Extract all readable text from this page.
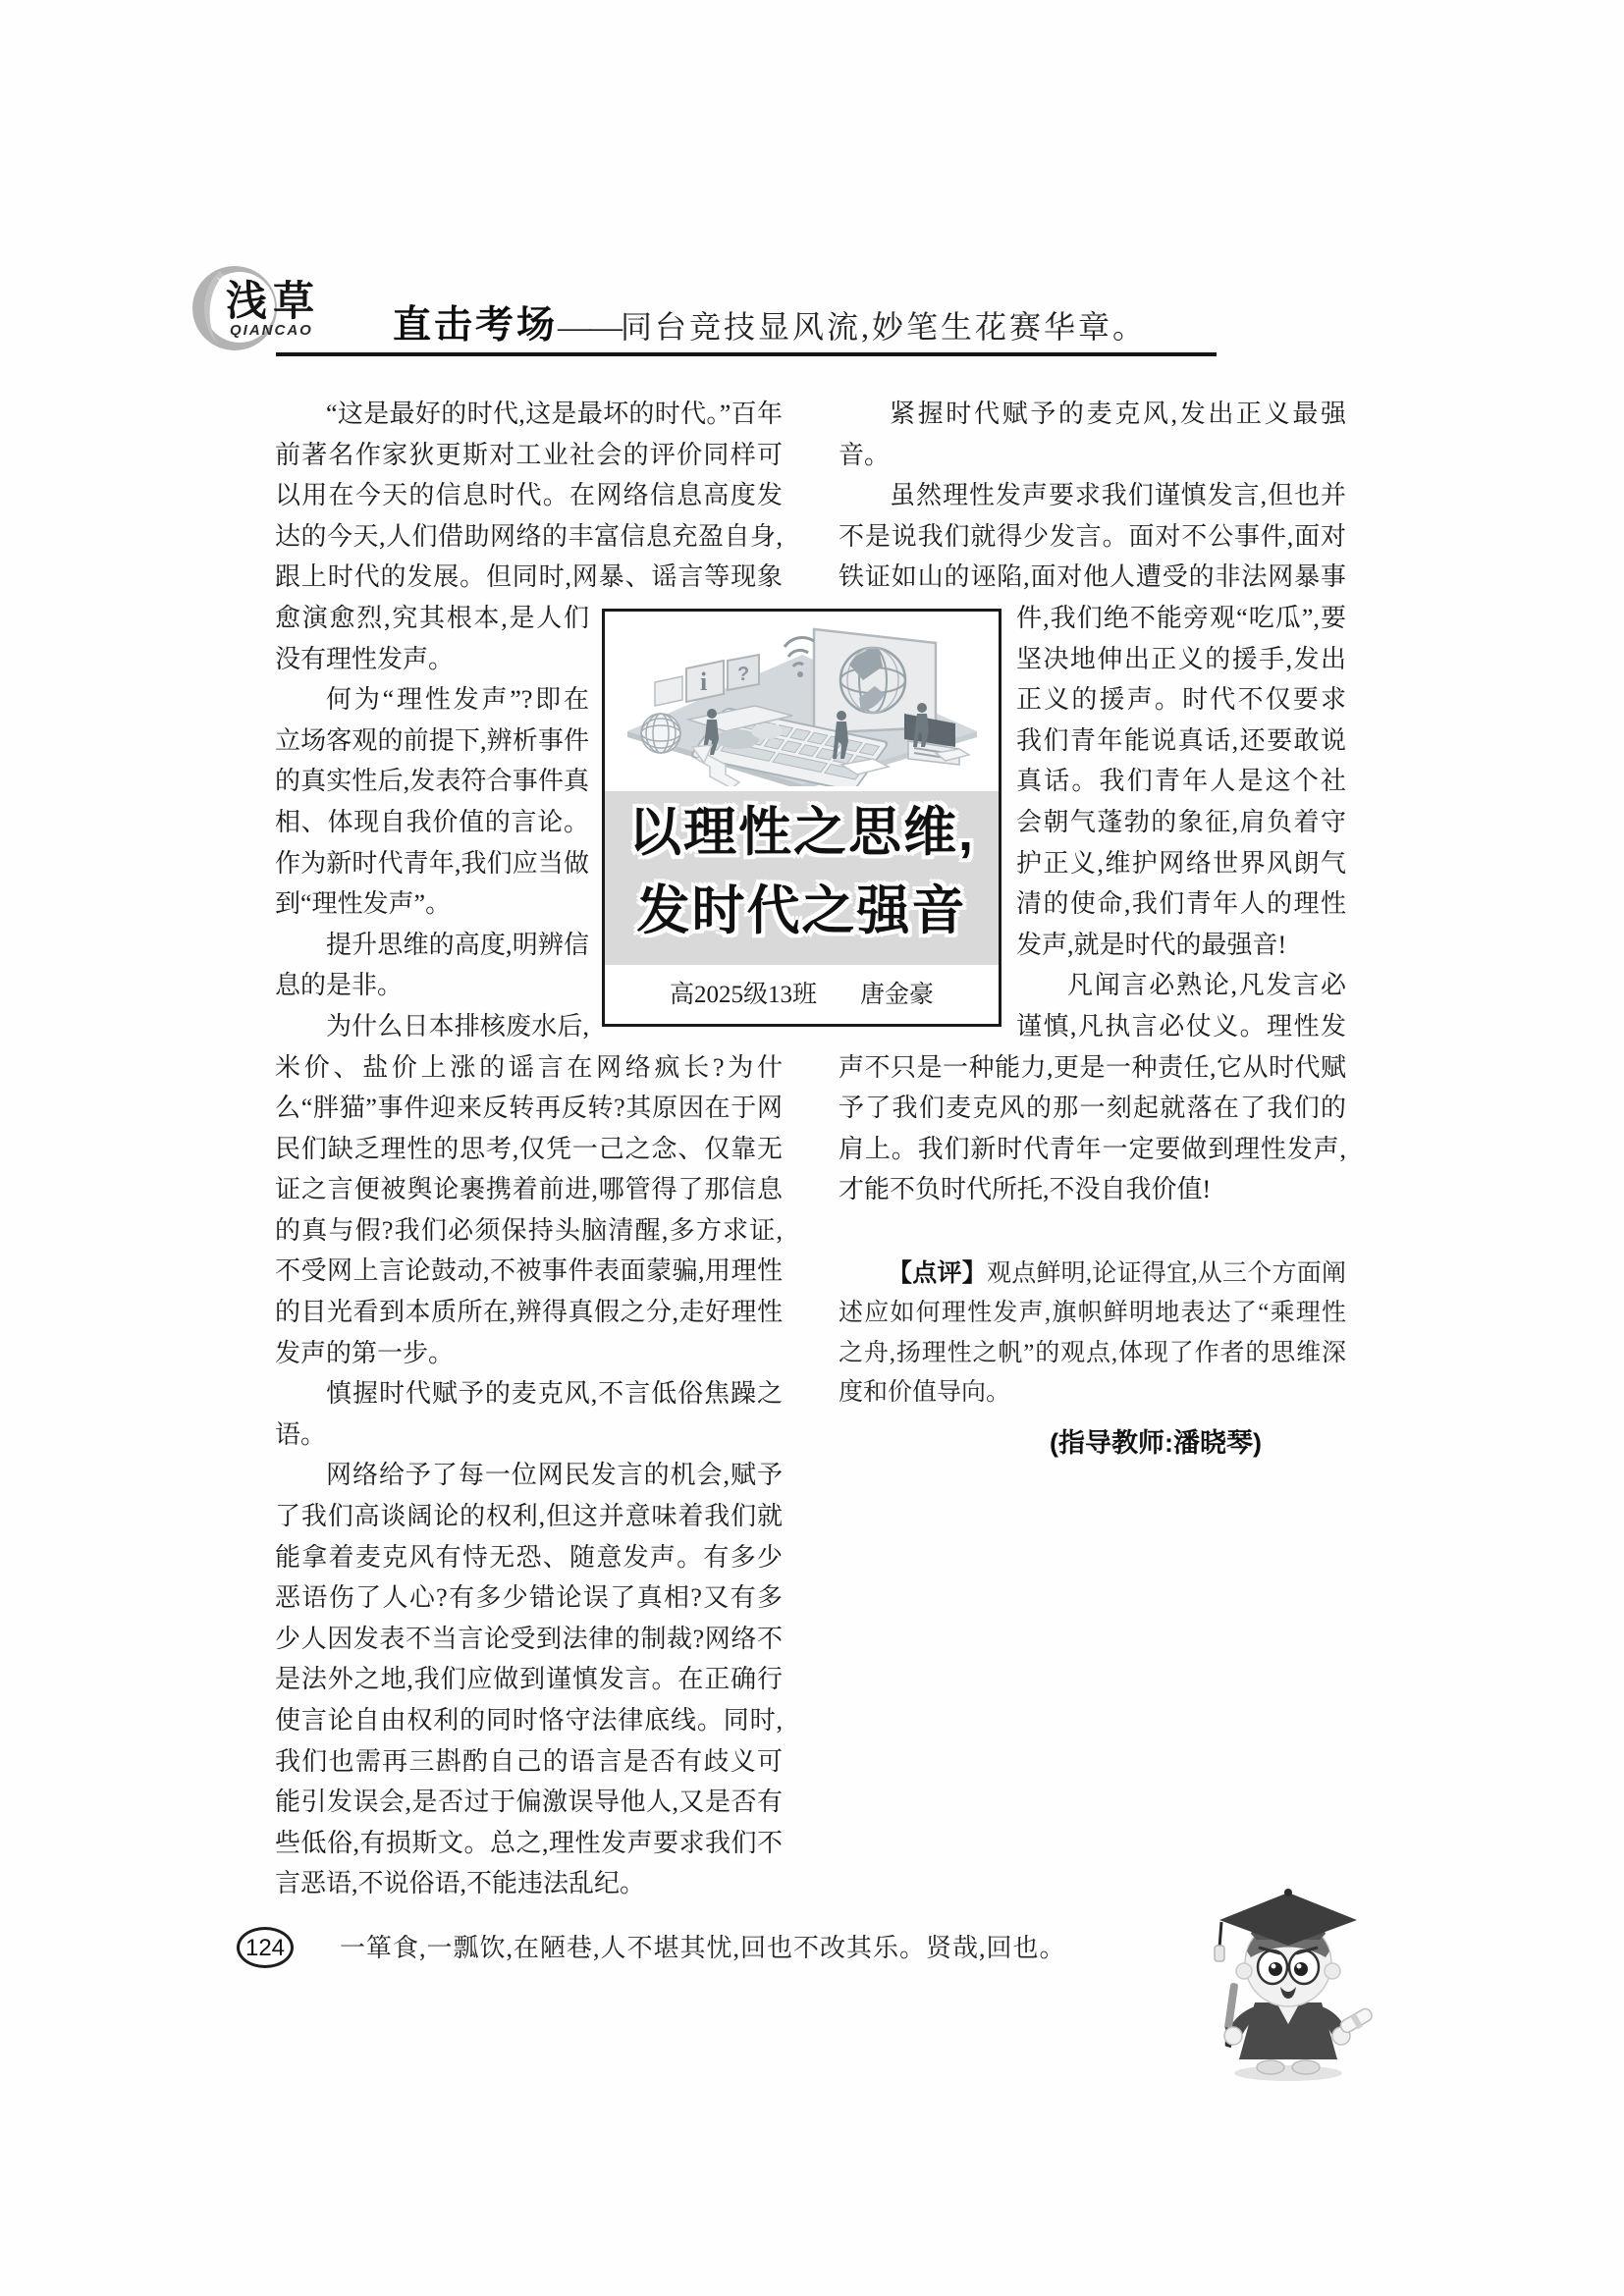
浅草
QIANCAO 直击考场——同台竞技显风流,妙笔生花赛华章。

“这是最好的时代,这是最坏的时代。”百年前著名作家狄更斯对工业社会的评价同样可以用在今天的信息时代。在网络信息高度发达的今天,人们借助网络的丰富信息充盈自身,跟上时代的发展。但同时,网暴、谣言等现象愈演愈烈,究其根本,是人们没有理性发声。

何为“理性发声”?即在立场客观的前提下,辨析事件的真实性后,发表符合事件真相、体现自我价值的言论。作为新时代青年,我们应当做到“理性发声”。

提升思维的高度,明辨信息的是非。

为什么日本排核废水后,米价、盐价上涨的谣言在网络疯长?为什么“胖猫”事件迎来反转再反转?其原因在于网民们缺乏理性的思考,仅凭一己之念、仅靠无证之言便被舆论裹携着前进,哪管得了那信息的真与假?我们必须保持头脑清醒,多方求证,不受网上言论鼓动,不被事件表面蒙骗,用理性的目光看到本质所在,辨得真假之分,走好理性发声的第一步。

慎握时代赋予的麦克风,不言低俗焦躁之语。

网络给予了每一位网民发言的机会,赋予了我们高谈阔论的权利,但这并意味着我们就能拿着麦克风有恃无恐、随意发声。有多少恶语伤了人心?有多少错论误了真相?又有多少人因发表不当言论受到法律的制裁?网络不是法外之地,我们应做到谨慎发言。在正确行使言论自由权利的同时恪守法律底线。同时,我们也需再三斟酌自己的语言是否有歧义可能引发误会,是否过于偏激误导他人,又是否有些低俗,有损斯文。总之,理性发声要求我们不言恶语,不说俗语,不能违法乱纪。

紧握时代赋予的麦克风,发出正义最强音。

虽然理性发声要求我们谨慎发言,但也并不是说我们就得少发言。面对不公事件,面对铁证如山的诬陷,面对他人遭受的非法网暴事件,我们绝不能旁观“吃瓜”,要坚决地伸出正义的援手,发出正义的援声。时代不仅要求我们青年能说真话,还要敢说真话。我们青年人是这个社会朝气蓬勃的象征,肩负着守护正义,维护网络世界风朗气清的使命,我们青年人的理性发声,就是时代的最强音!

凡闻言必熟论,凡发言必谨慎,凡执言必仗义。理性发声不只是一种能力,更是一种责任,它从时代赋予了我们麦克风的那一刻起就落在了我们的肩上。我们新时代青年一定要做到理性发声,才能不负时代所托,不没自我价值!

【点评】观点鲜明,论证得宜,从三个方面阐述应如何理性发声,旗帜鲜明地表达了“乘理性之舟,扬理性之帆”的观点,体现了作者的思维深度和价值导向。

(指导教师:潘晓琴)

i ?
以理性之思维,
发时代之强音
高2025级13班 唐金豪
124	一箪食,一瓢饮,在陋巷,人不堪其忧,回也不改其乐。贤哉,回也。
